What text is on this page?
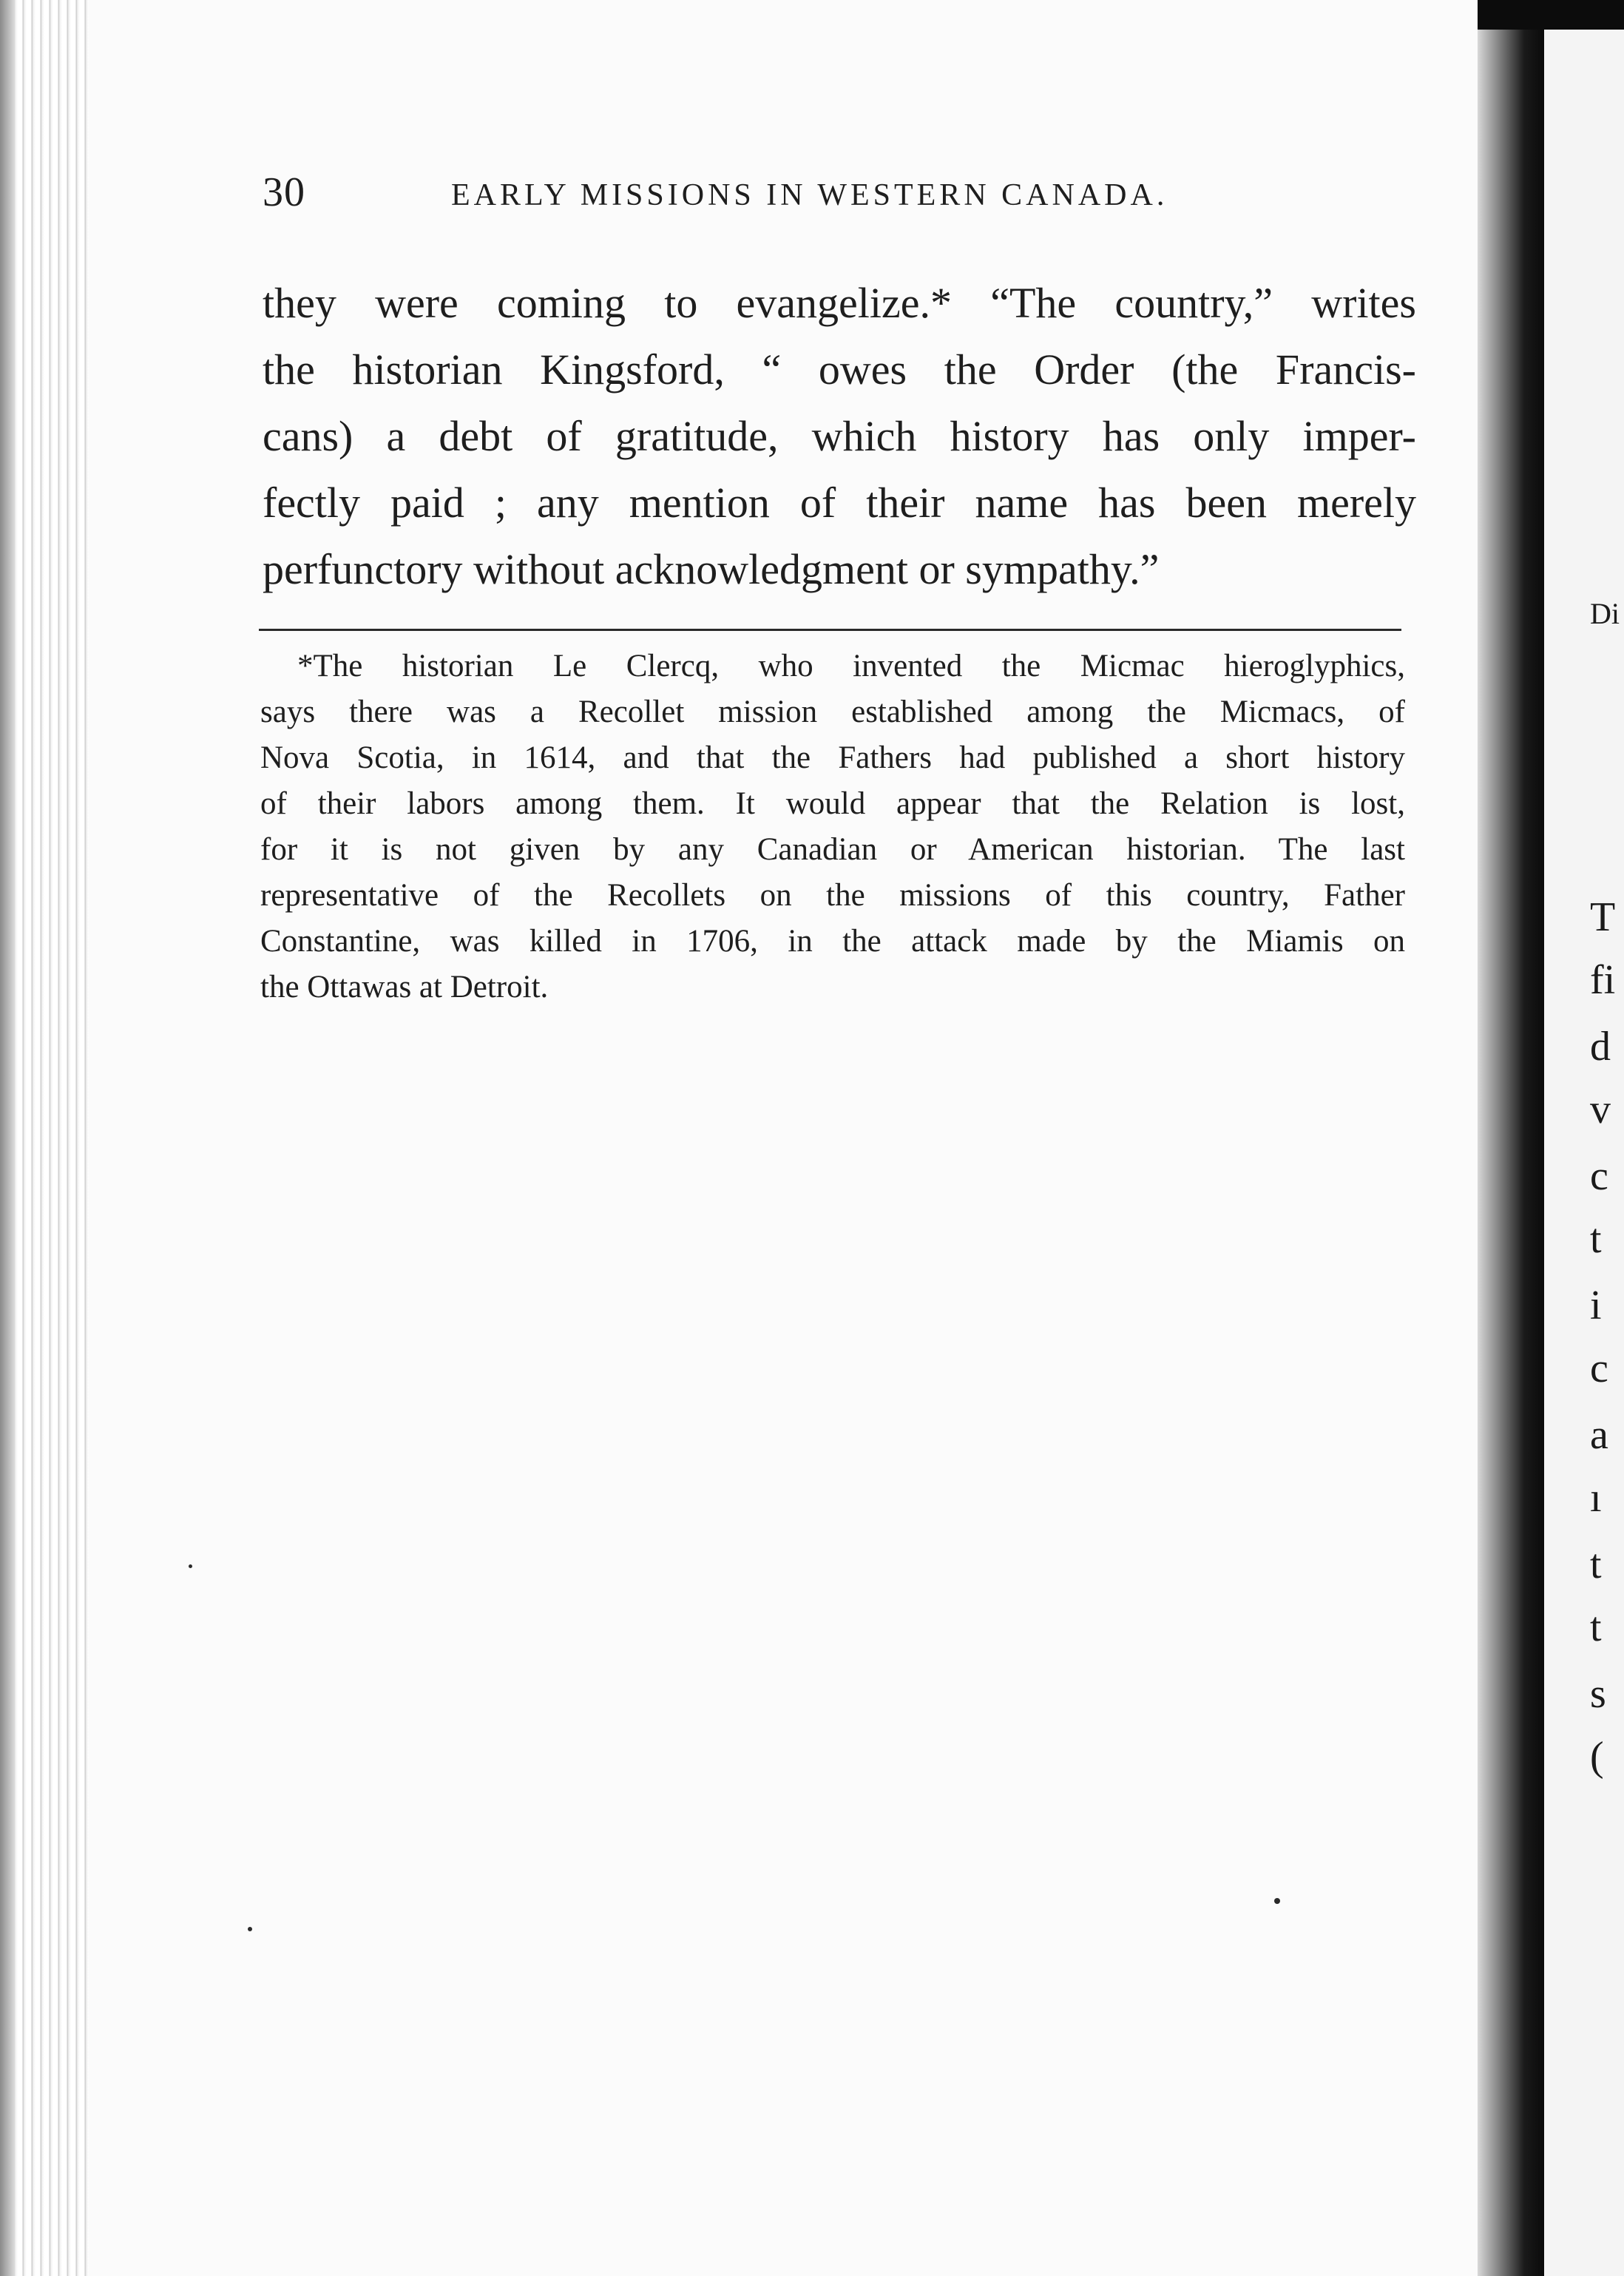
30	EARLY MISSIONS IN WESTERN CANADA.
they were coming to evangelize.* “The country,” writes
the historian Kingsford, “ owes the Order (the Francis-
cans) a debt of gratitude, which history has only imper-
fectly paid ; any mention of their name has been merely
perfunctory without acknowledgment or sympathy.”
*The historian Le Clercq, who invented the Micmac hieroglyphics,
says there was a Recollet mission established among the Micmacs, of
Nova Scotia, in 1614, and that the Fathers had published a short history
of their labors among them. It would appear that the Relation is lost,
for it is not given by any Canadian or American historian. The last
representative of the Recollets on the missions of this country, Father
Constantine, was killed in 1706, in the attack made by the Miamis on
the Ottawas at Detroit.
Di
T
fi
d
v
c
t
i
c
a
ı
t
t
s
(
